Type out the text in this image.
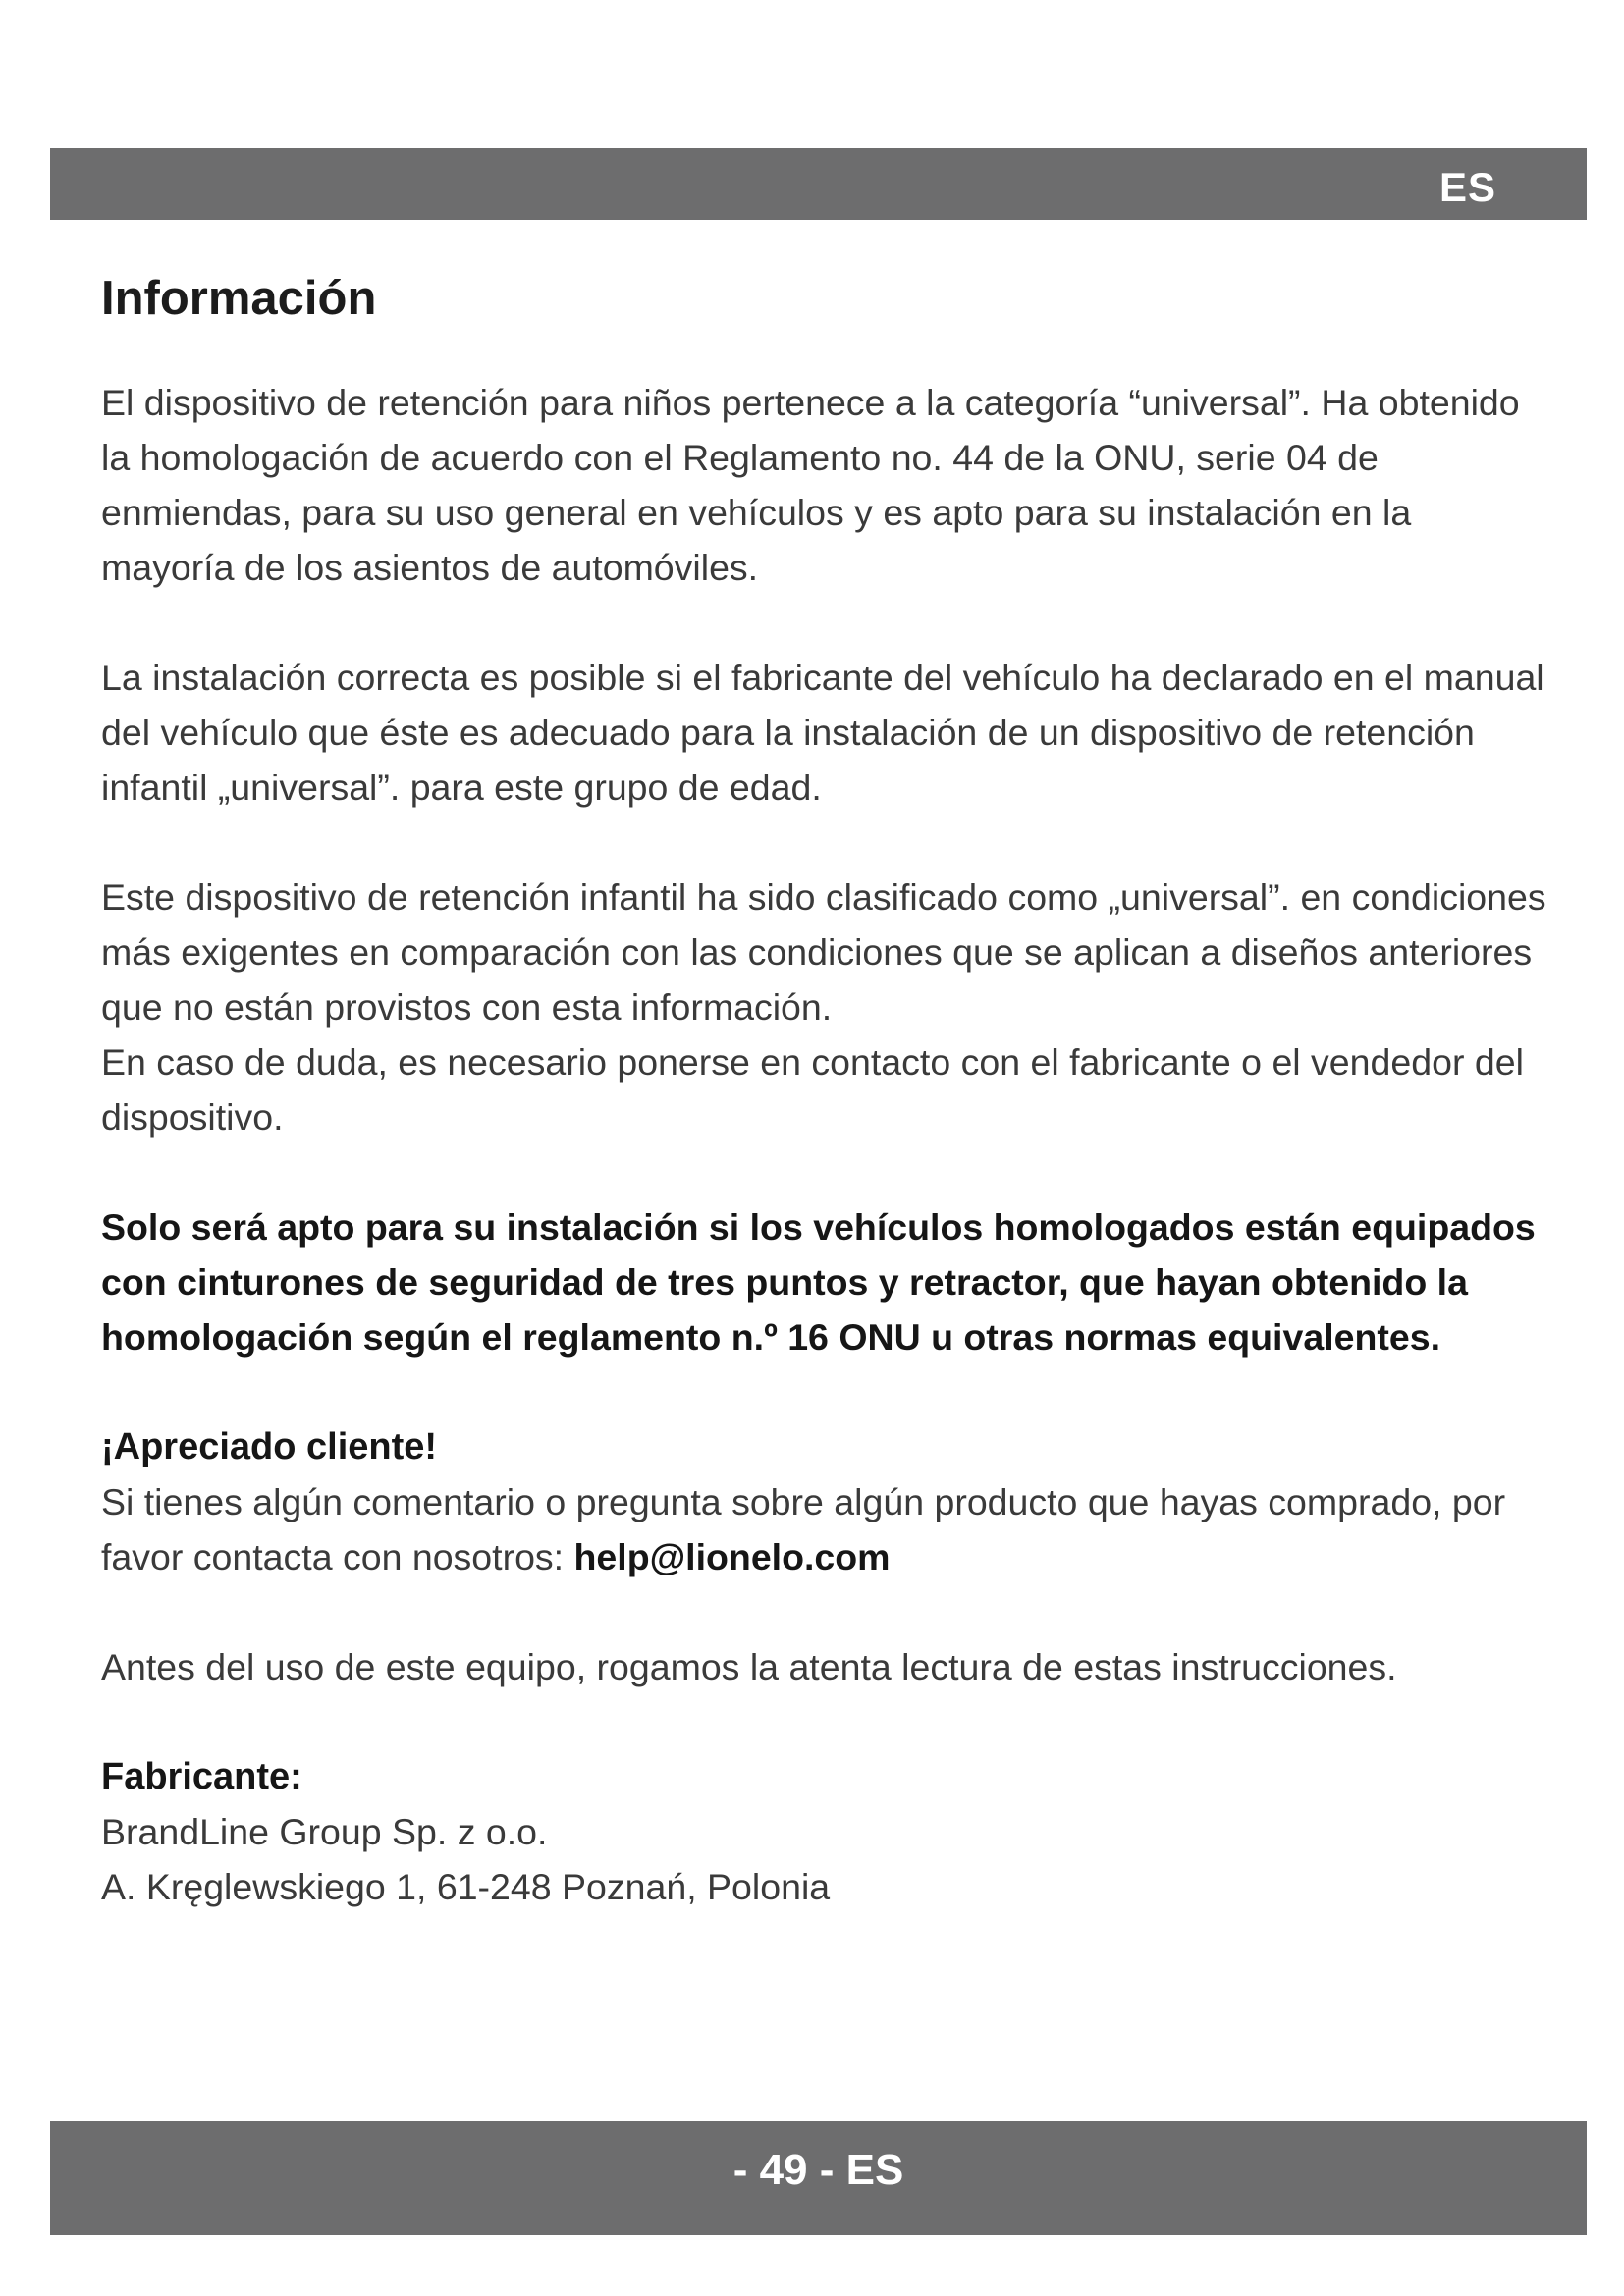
ES
Información

El dispositivo de retención para niños pertenece a la categoría “universal”. Ha obtenido la homologación de acuerdo con el Reglamento no. 44 de la ONU, serie 04 de enmiendas, para su uso general en vehículos y es apto para su instalación en la mayoría de los asientos de automóviles.

La instalación correcta es posible si el fabricante del vehículo ha declarado en el manual del vehículo que éste es adecuado para la instalación de un dispositivo de retención infantil „universal”. para este grupo de edad.

Este dispositivo de retención infantil ha sido clasificado como „universal”. en condiciones más exigentes en comparación con las condiciones que se aplican a diseños anteriores que no están provistos con esta información.

En caso de duda, es necesario ponerse en contacto con el fabricante o el vendedor del dispositivo.

Solo será apto para su instalación si los vehículos homologados están equipados con cinturones de seguridad de tres puntos y retractor, que hayan obtenido la homologación según el reglamento n.º 16 ONU u otras normas equivalentes.

¡Apreciado cliente!

Si tienes algún comentario o pregunta sobre algún producto que hayas comprado, por favor contacta con nosotros: help@lionelo.com

Antes del uso de este equipo, rogamos la atenta lectura de estas instrucciones.

Fabricante:

BrandLine Group Sp. z o.o.

A. Kręglewskiego 1, 61-248 Poznań, Polonia

- 49 - ES
